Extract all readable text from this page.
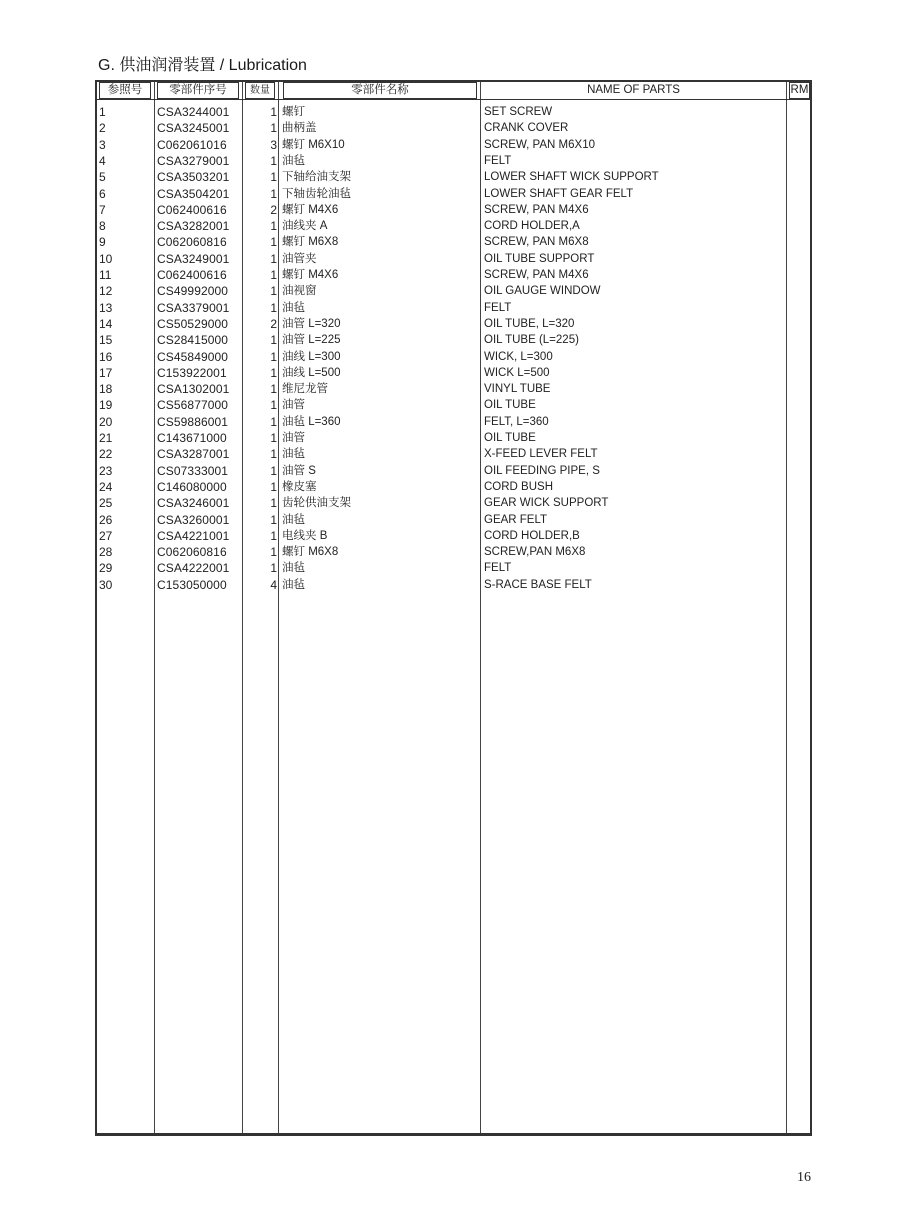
G. 供油润滑装置 / Lubrication
参照号	零部件序号	数量	零部件名称	NAME OF PARTS	RM
1	CSA3244001	1 螺钉	SET SCREW
2	CSA3245001	1 曲柄盖	CRANK COVER
3	C062061016	3 螺钉 M6X10	SCREW, PAN M6X10
4	CSA3279001	1 油毡	FELT
5	CSA3503201	1 下轴给油支架	LOWER SHAFT WICK SUPPORT
6	CSA3504201	1 下轴齿轮油毡	LOWER SHAFT GEAR FELT
7	C062400616	2 螺钉 M4X6	SCREW, PAN M4X6
8	CSA3282001	1 油线夹 A	CORD HOLDER,A
9	C062060816	1 螺钉 M6X8	SCREW, PAN M6X8
10	CSA3249001	1 油管夹	OIL TUBE SUPPORT
11	C062400616	1 螺钉 M4X6	SCREW, PAN M4X6
12	CS49992000	1 油视窗	OIL GAUGE WINDOW
13	CSA3379001	1 油毡	FELT
14	CS50529000	2 油管 L=320	OIL TUBE, L=320
15	CS28415000	1 油管 L=225	OIL TUBE (L=225)
16	CS45849000	1 油线 L=300	WICK, L=300
17	C153922001	1 油线 L=500	WICK L=500
18	CSA1302001	1 维尼龙管	VINYL TUBE
19	CS56877000	1 油管	OIL TUBE
20	CS59886001	1 油毡 L=360	FELT, L=360
21	C143671000	1 油管	OIL TUBE
22	CSA3287001	1 油毡	X-FEED LEVER FELT
23	CS07333001	1 油管 S	OIL FEEDING PIPE, S
24	C146080000	1 橡皮塞	CORD BUSH
25	CSA3246001	1 齿轮供油支架	GEAR WICK SUPPORT
26	CSA3260001	1 油毡	GEAR FELT
27	CSA4221001	1 电线夹 B	CORD HOLDER,B
28	C062060816	1 螺钉 M6X8	SCREW,PAN M6X8
29	CSA4222001	1 油毡	FELT
30	C153050000	4 油毡	S-RACE BASE FELT
16
